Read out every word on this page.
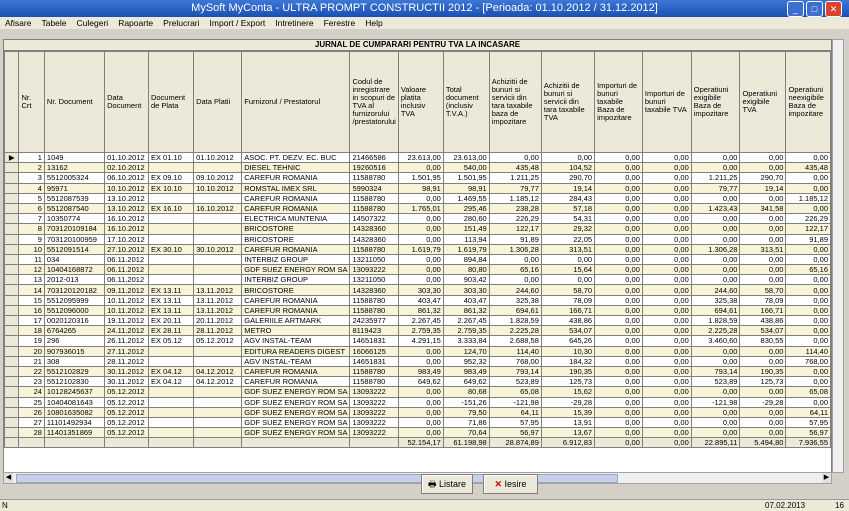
MySoft MyConta - ULTRA PROMPT CONSTRUCTII 2012 - [Perioada: 01.10.2012 / 31.12.2012]	_	□	✕
Afisare Tabele Culegeri Rapoarte Prelucrari Import / Export Intretinere Ferestre Help
JURNAL DE CUMPARARI PENTRU TVA LA INCASARE
	Nr. Crt	Nr. Document	Data Document	Document de Plata	Data Platii	Furnizorul / Prestatorul	Codul de inregistrare in scopuri de TVA al furnizorului /prestatorului	Valoare platita inclusiv TVA	Total document (inclusiv T.V.A.)	Achizitii de bunuri si servicii din tara taxabile baza de impozitare	Achizitii de bunuri si servicii din tara taxabile TVA	Importuri de bunuri taxabile Baza de impozitare	Importuri de bunuri taxabile TVA	Operatiuni exigibile Baza de impozitare	Operatiuni exigibile TVA	Operatiuni neexigibile Baza de impozitare
▶	1	1049	01.10.2012	EX 01.10	01.10.2012	ASOC. PT. DEZV. EC. BUC	21466586	23.613,00	23.613,00	0,00	0,00	0,00	0,00	0,00	0,00	0,00
	2	13162	02.10.2012			DIESEL TEHNIC	19260516	0,00	540,00	435,48	104,52	0,00	0,00	0,00	0,00	435,48
	3	5512005324	06.10.2012	EX 09.10	09.10.2012	CAREFUR ROMANIA	11588780	1.501,95	1.501,95	1.211,25	290,70	0,00	0,00	1.211,25	290,70	0,00
	4	95971	10.10.2012	EX 10.10	10.10.2012	ROMSTAL IMEX SRL	5990324	98,91	98,91	79,77	19,14	0,00	0,00	79,77	19,14	0,00
	5	5512087539	13.10.2012			CAREFUR ROMANIA	11588780	0,00	1.469,55	1.185,12	284,43	0,00	0,00	0,00	0,00	1.185,12
	6	5512087540	13.10.2012	EX 16.10	16.10.2012	CAREFUR ROMANIA	11588780	1.765,01	295,46	238,28	57,18	0,00	0,00	1.423,43	341,58	0,00
	7	10350774	16.10.2012			ELECTRICA MUNTENIA	14507322	0,00	280,60	226,29	54,31	0,00	0,00	0,00	0,00	226,29
	8	703120109184	16.10.2012			BRICOSTORE	14328360	0,00	151,49	122,17	29,32	0,00	0,00	0,00	0,00	122,17
	9	703120100959	17.10.2012			BRICOSTORE	14328360	0,00	113,94	91,89	22,05	0,00	0,00	0,00	0,00	91,89
	10	5512091514	27.10.2012	EX 30.10	30.10.2012	CAREFUR ROMANIA	11588780	1.619,79	1.619,79	1.306,28	313,51	0,00	0,00	1.306,28	313,51	0,00
	11	034	06.11.2012			INTERBIZ GROUP	13211050	0,00	894,84	0,00	0,00	0,00	0,00	0,00	0,00	0,00
	12	10404168872	06.11.2012			GDF SUEZ ENERGY ROM SA	13093222	0,00	80,80	65,16	15,64	0,00	0,00	0,00	0,00	65,16
	13	2012-013	06.11.2012			INTERBIZ GROUP	13211050	0,00	903,42	0,00	0,00	0,00	0,00	0,00	0,00	0,00
	14	703120120182	09.11.2012	EX 13.11	13.11.2012	BRICOSTORE	14328360	303,30	303,30	244,60	58,70	0,00	0,00	244,60	58,70	0,00
	15	5512095999	10.11.2012	EX 13.11	13.11.2012	CAREFUR ROMANIA	11588780	403,47	403,47	325,38	78,09	0,00	0,00	325,38	78,09	0,00
	16	5512096000	10.11.2012	EX 13.11	13.11.2012	CAREFUR ROMANIA	11588780	861,32	861,32	694,61	166,71	0,00	0,00	694,61	166,71	0,00
	17	0020120316	19.11.2012	EX 20.11	20.11.2012	GALERIILE ARTMARK	24235977	2.267,45	2.267,45	1.828,59	438,86	0,00	0,00	1.828,59	438,86	0,00
	18	6764265	24.11.2012	EX 28.11	28.11.2012	METRO	8119423	2.759,35	2.759,35	2.225,28	534,07	0,00	0,00	2.225,28	534,07	0,00
	19	296	26.11.2012	EX 05.12	05.12.2012	AGV INSTAL-TEAM	14651831	4.291,15	3.333,84	2.688,58	645,26	0,00	0,00	3.460,60	830,55	0,00
	20	907936015	27.11.2012			EDITURA READERS DIGEST	16066125	0,00	124,70	114,40	10,30	0,00	0,00	0,00	0,00	114,40
	21	308	28.11.2012			AGV INSTAL-TEAM	14651831	0,00	952,32	768,00	184,32	0,00	0,00	0,00	0,00	768,00
	22	5512102829	30.11.2012	EX 04.12	04.12.2012	CAREFUR ROMANIA	11588780	983,49	983,49	793,14	190,35	0,00	0,00	793,14	190,35	0,00
	23	5512102830	30.11.2012	EX 04.12	04.12.2012	CAREFUR ROMANIA	11588780	649,62	649,62	523,89	125,73	0,00	0,00	523,89	125,73	0,00
	24	10128245637	05.12.2012			GDF SUEZ ENERGY ROM SA	13093222	0,00	80,68	65,08	15,62	0,00	0,00	0,00	0,00	65,08
	25	10404081643	05.12.2012			GDF SUEZ ENERGY ROM SA	13093222	0,00	-151,26	-121,98	-29,28	0,00	0,00	-121,98	-29,28	0,00
	26	10801635082	05.12.2012			GDF SUEZ ENERGY ROM SA	13093222	0,00	79,50	64,11	15,39	0,00	0,00	0,00	0,00	64,11
	27	11101492934	05.12.2012			GDF SUEZ ENERGY ROM SA	13093222	0,00	71,86	57,95	13,91	0,00	0,00	0,00	0,00	57,95
	28	11401351869	05.12.2012			GDF SUEZ ENERGY ROM SA	13093222	0,00	70,64	56,97	13,67	0,00	0,00	0,00	0,00	56,97
								52.154,17	61.198,98	28.874,89	6.912,83	0,00	0,00	22.895,11	5.494,80	7.936,55
◀	▶
🖶 Listare	✕ Iesire
N	07.02.2013	16
